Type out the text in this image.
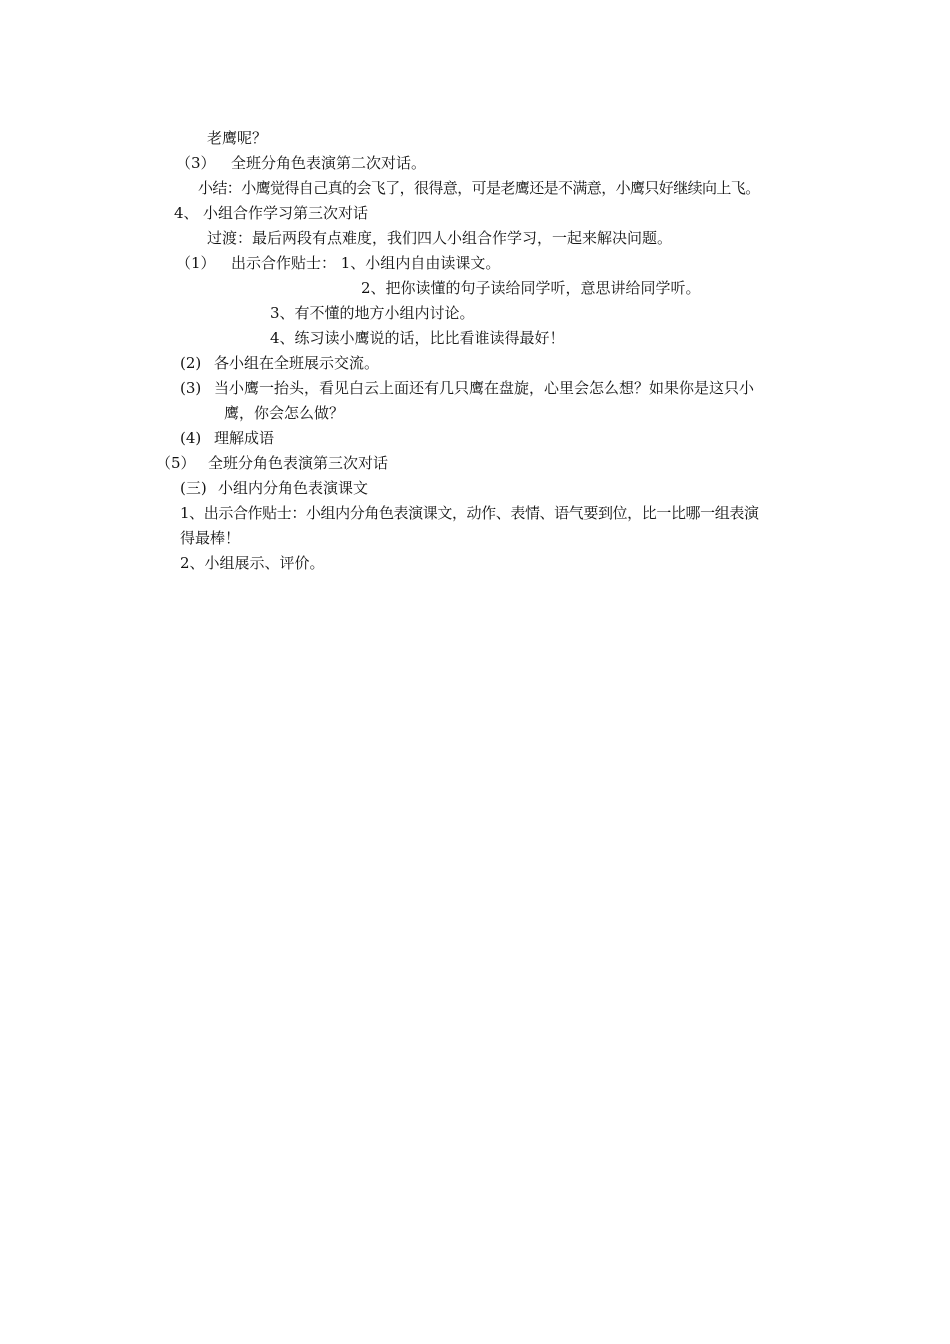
老鹰呢？
（3） 全班分角色表演第二次对话。
小结：小鹰觉得自己真的会飞了，很得意，可是老鹰还是不满意，小鹰只好继续向上飞。
4、 小组合作学习第三次对话
过渡：最后两段有点难度，我们四人小组合作学习，一起来解决问题。
（1） 出示合作贴士： 1、小组内自由读课文。
2、把你读懂的句子读给同学听，意思讲给同学听。
3、有不懂的地方小组内讨论。
4、练习读小鹰说的话，比比看谁读得最好！
(2) 各小组在全班展示交流。
(3) 当小鹰一抬头，看见白云上面还有几只鹰在盘旋，心里会怎么想？如果你是这只小
鹰，你会怎么做？
(4) 理解成语
（5） 全班分角色表演第三次对话
(三) 小组内分角色表演课文
1、出示合作贴士：小组内分角色表演课文，动作、表情、语气要到位，比一比哪一组表演
得最棒！
2、小组展示、评价。
